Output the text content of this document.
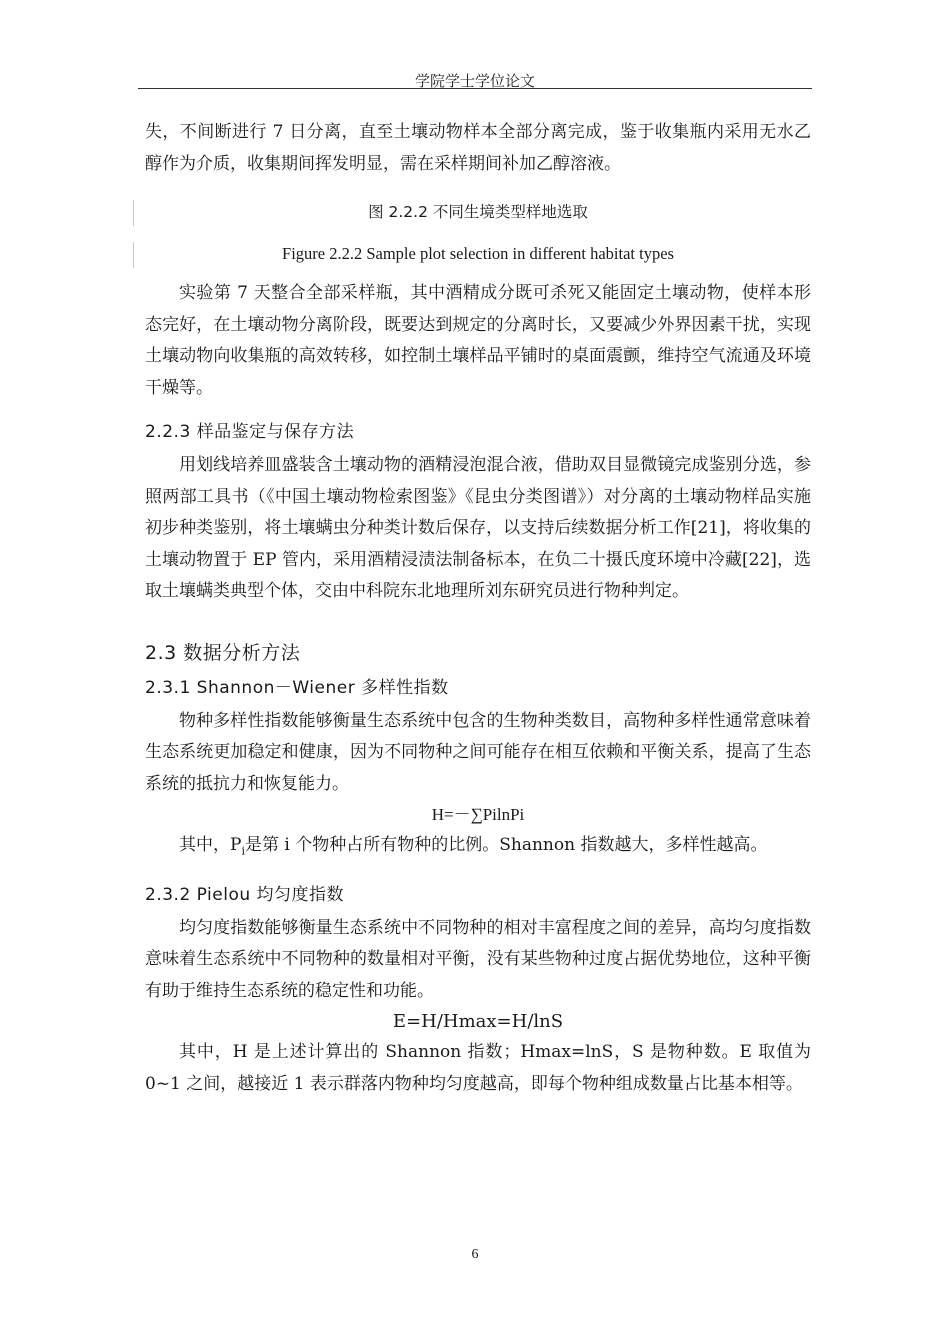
学院学士学位论文

失，不间断进行 7 日分离，直至土壤动物样本全部分离完成，鉴于收集瓶内采用无水乙醇作为介质，收集期间挥发明显，需在采样期间补加乙醇溶液。

图 2.2.2 不同生境类型样地选取
Figure 2.2.2 Sample plot selection in different habitat types

实验第 7 天整合全部采样瓶，其中酒精成分既可杀死又能固定土壤动物，使样本形态完好，在土壤动物分离阶段，既要达到规定的分离时长，又要减少外界因素干扰，实现土壤动物向收集瓶的高效转移，如控制土壤样品平铺时的桌面震颤，维持空气流通及环境干燥等。

2.2.3 样品鉴定与保存方法

用划线培养皿盛装含土壤动物的酒精浸泡混合液，借助双目显微镜完成鉴别分选，参照两部工具书（《中国土壤动物检索图鉴》《昆虫分类图谱》）对分离的土壤动物样品实施初步种类鉴别，将土壤螨虫分种类计数后保存，以支持后续数据分析工作[21]，将收集的土壤动物置于 EP 管内，采用酒精浸渍法制备标本，在负二十摄氏度环境中冷藏[22]，选取土壤螨类典型个体，交由中科院东北地理所刘东研究员进行物种判定。

2.3 数据分析方法
2.3.1 Shannon－Wiener 多样性指数

物种多样性指数能够衡量生态系统中包含的生物种类数目，高物种多样性通常意味着生态系统更加稳定和健康，因为不同物种之间可能存在相互依赖和平衡关系，提高了生态系统的抵抗力和恢复能力。

H=－∑PilnPi

其中，$P_i$是第 i 个物种占所有物种的比例。Shannon 指数越大，多样性越高。

2.3.2 Pielou 均匀度指数

均匀度指数能够衡量生态系统中不同物种的相对丰富程度之间的差异，高均匀度指数意味着生态系统中不同物种的数量相对平衡，没有某些物种过度占据优势地位，这种平衡有助于维持生态系统的稳定性和功能。

E=H/Hmax=H/lnS

其中，H 是上述计算出的 Shannon 指数；Hmax=lnS，S 是物种数。E 取值为 0~1 之间，越接近 1 表示群落内物种均匀度越高，即每个物种组成数量占比基本相等。

6
